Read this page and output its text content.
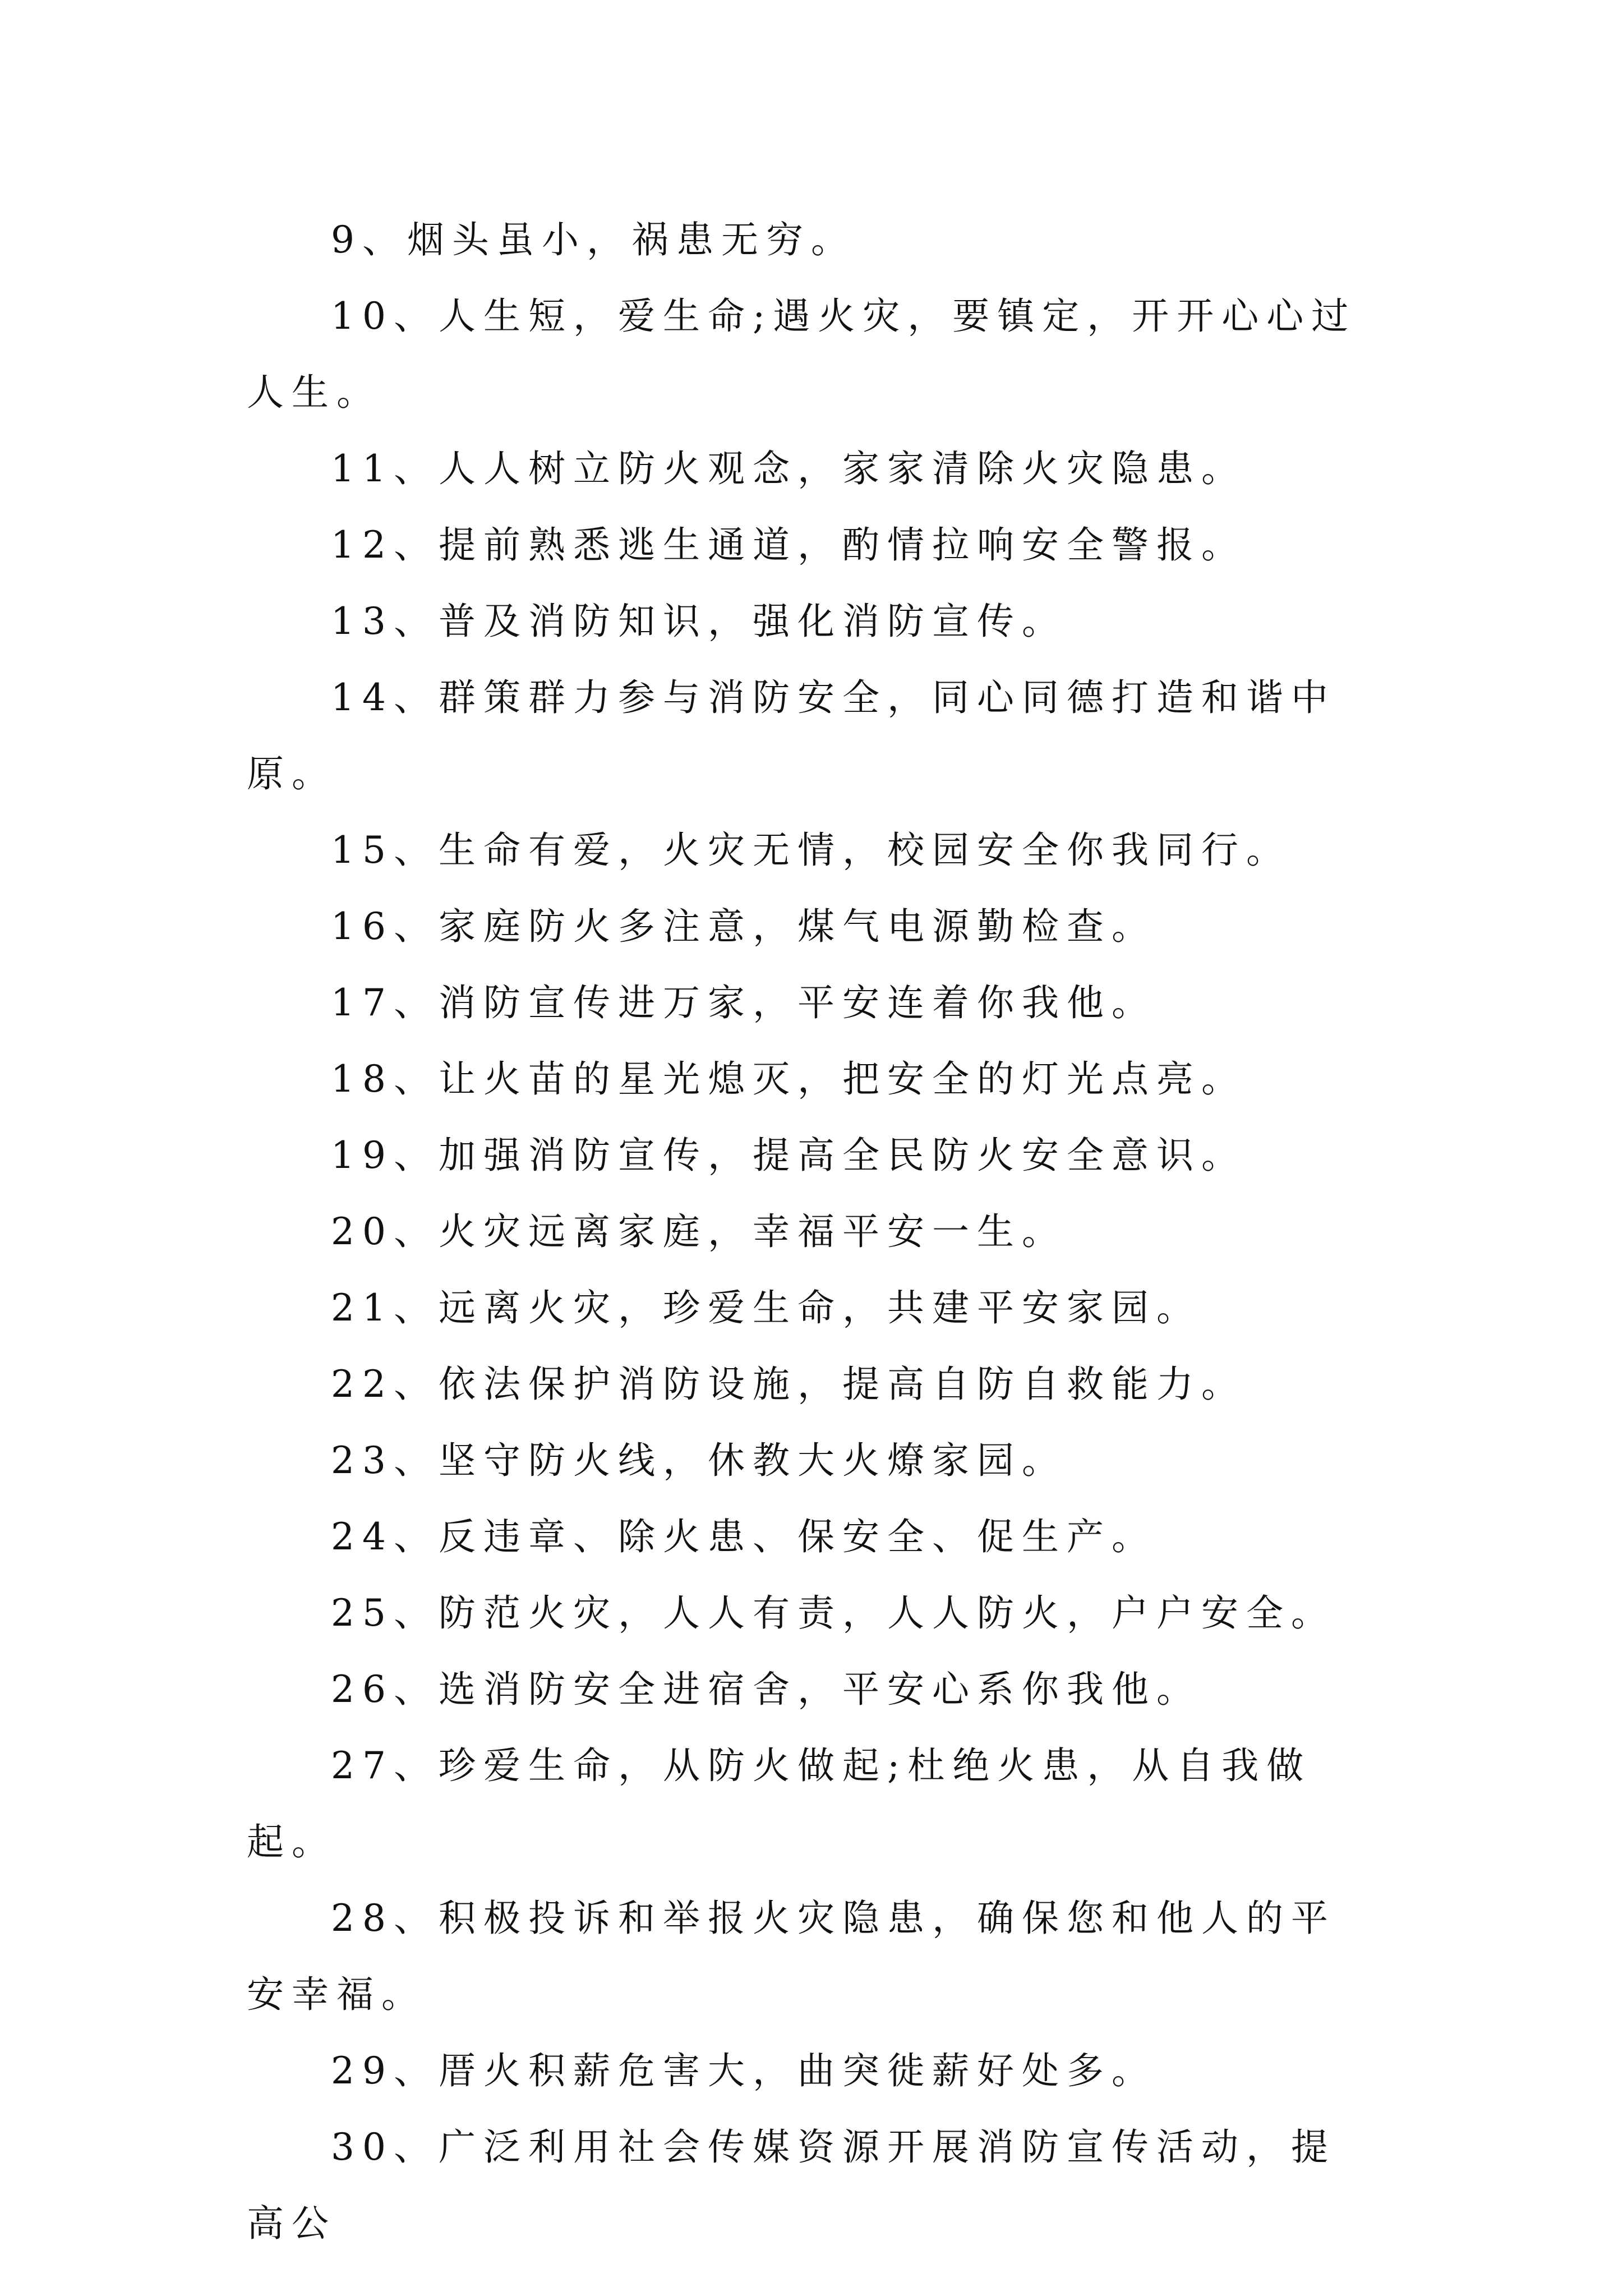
9、烟头虽小，祸患无穷。

10、人生短，爱生命;遇火灾，要镇定，开开心心过人生。

11、人人树立防火观念，家家清除火灾隐患。

12、提前熟悉逃生通道，酌情拉响安全警报。

13、普及消防知识，强化消防宣传。

14、群策群力参与消防安全，同心同德打造和谐中原。

15、生命有爱，火灾无情，校园安全你我同行。

16、家庭防火多注意，煤气电源勤检查。

17、消防宣传进万家，平安连着你我他。

18、让火苗的星光熄灭，把安全的灯光点亮。

19、加强消防宣传，提高全民防火安全意识。

20、火灾远离家庭，幸福平安一生。

21、远离火灾，珍爱生命，共建平安家园。

22、依法保护消防设施，提高自防自救能力。

23、坚守防火线，休教大火燎家园。

24、反违章、除火患、保安全、促生产。

25、防范火灾，人人有责，人人防火，户户安全。

26、选消防安全进宿舍，平安心系你我他。

27、珍爱生命，从防火做起;杜绝火患，从自我做起。

28、积极投诉和举报火灾隐患，确保您和他人的平安幸福。

29、厝火积薪危害大，曲突徙薪好处多。

30、广泛利用社会传媒资源开展消防宣传活动，提高公
